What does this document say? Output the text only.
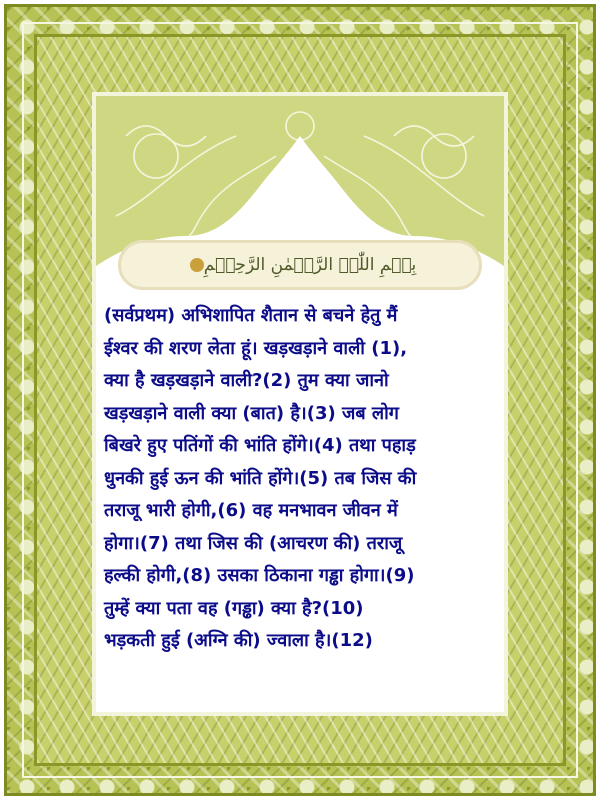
بِسۡمِ اللّٰہِ الرَّحۡمٰنِ الرَّحِیۡمِ
(सर्वप्रथम) अभिशापित शैतान से बचने हेतु मैं
ईश्वर की शरण लेता हूं। खड़खड़ाने वाली (1),
क्या है खड़खड़ाने वाली?(2) तुम क्या जानो
खड़खड़ाने वाली क्या (बात) है।(3) जब लोग
बिखरे हुए पतिंगों की भांति होंगे।(4) तथा पहाड़
धुनकी हुई ऊन की भांति होंगे।(5) तब जिस की
तराजू भारी होगी,(6) वह मनभावन जीवन में
होगा।(7) तथा जिस की (आचरण की) तराजू
हल्की होगी,(8) उसका ठिकाना गड्ढा होगा।(9)
तुम्हें क्या पता वह (गड्ढा) क्या है?(10)
भड़कती हुई (अग्नि की) ज्वाला है।(12)
